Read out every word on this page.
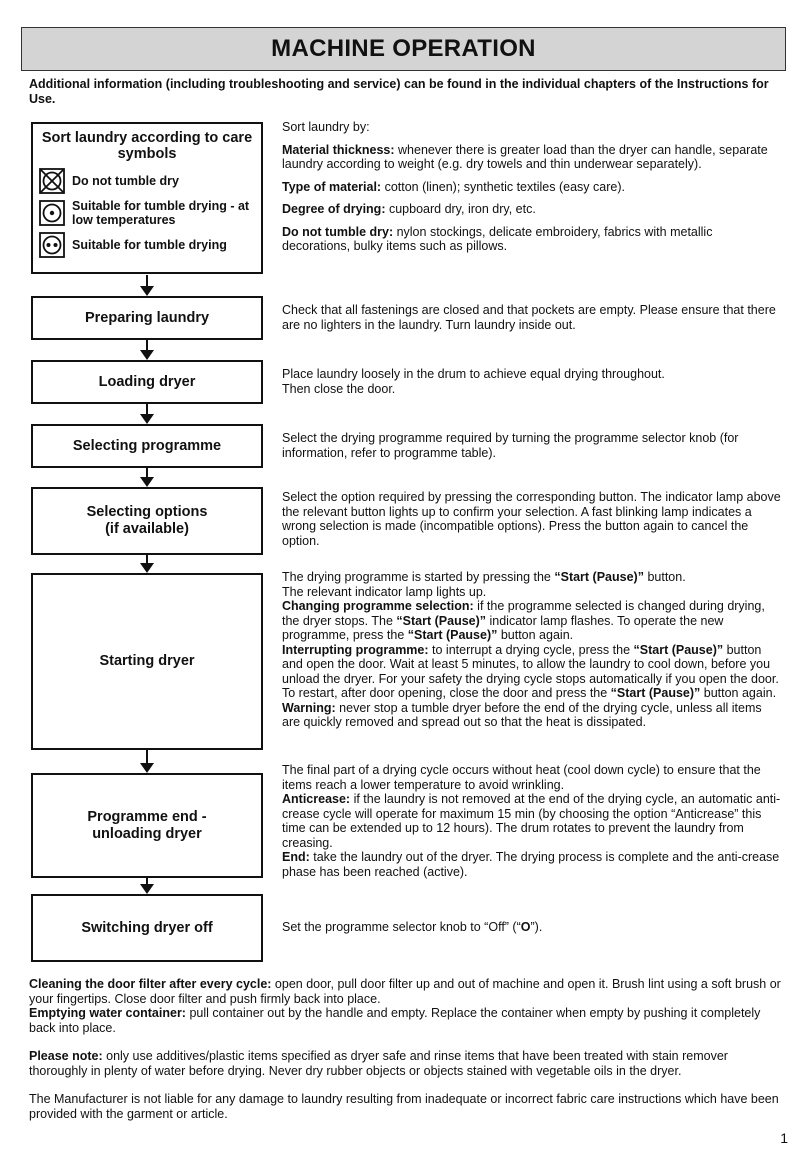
MACHINE OPERATION
Additional information (including troubleshooting and service) can be found in the individual chapters of the Instructions for Use.
Sort laundry according to care symbols
Do not tumble dry
Suitable for tumble drying - at low temperatures
Suitable for tumble drying
Preparing laundry
Loading dryer
Selecting programme
Selecting options
(if available)
Starting dryer
Programme end -
unloading dryer
Switching dryer off

Sort laundry by:

Material thickness: whenever there is greater load than the dryer can handle, separate laundry according to weight (e.g. dry towels and thin underwear separately).

Type of material: cotton (linen); synthetic textiles (easy care).

Degree of drying: cupboard dry, iron dry, etc.

Do not tumble dry: nylon stockings, delicate embroidery, fabrics with metallic decorations, bulky items such as pillows.

Check that all fastenings are closed and that pockets are empty. Please ensure that there are no lighters in the laundry. Turn laundry inside out.

Place laundry loosely in the drum to achieve equal drying throughout.

Then close the door.

Select the drying programme required by turning the programme selector knob (for information, refer to programme table).

Select the option required by pressing the corresponding button. The indicator lamp above the relevant button lights up to confirm your selection. A fast blinking lamp indicates a wrong selection is made (incompatible options). Press the button again to cancel the option.

The drying programme is started by pressing the “Start (Pause)” button.

The relevant indicator lamp lights up.

Changing programme selection: if the programme selected is changed during drying, the dryer stops. The “Start (Pause)” indicator lamp flashes. To operate the new programme, press the “Start (Pause)” button again.

Interrupting programme: to interrupt a drying cycle, press the “Start (Pause)” button and open the door. Wait at least 5 minutes, to allow the laundry to cool down, before you unload the dryer. For your safety the drying cycle stops automatically if you open the door. To restart, after door opening, close the door and press the “Start (Pause)” button again.

Warning: never stop a tumble dryer before the end of the drying cycle, unless all items are quickly removed and spread out so that the heat is dissipated.

The final part of a drying cycle occurs without heat (cool down cycle) to ensure that the items reach a lower temperature to avoid wrinkling.

Anticrease: if the laundry is not removed at the end of the drying cycle, an automatic anti-crease cycle will operate for maximum 15 min (by choosing the option “Anticrease” this time can be extended up to 12 hours). The drum rotates to prevent the laundry from creasing.

End: take the laundry out of the dryer. The drying process is complete and the anti-crease phase has been reached (active).

Set the programme selector knob to “Off” (“O”).

Cleaning the door filter after every cycle: open door, pull door filter up and out of machine and open it. Brush lint using a soft brush or your fingertips. Close door filter and push firmly back into place.

Emptying water container: pull container out by the handle and empty. Replace the container when empty by pushing it completely back into place.

Please note: only use additives/plastic items specified as dryer safe and rinse items that have been treated with stain remover thoroughly in plenty of water before drying. Never dry rubber objects or objects stained with vegetable oils in the dryer.

The Manufacturer is not liable for any damage to laundry resulting from inadequate or incorrect fabric care instructions which have been provided with the garment or article.

1
